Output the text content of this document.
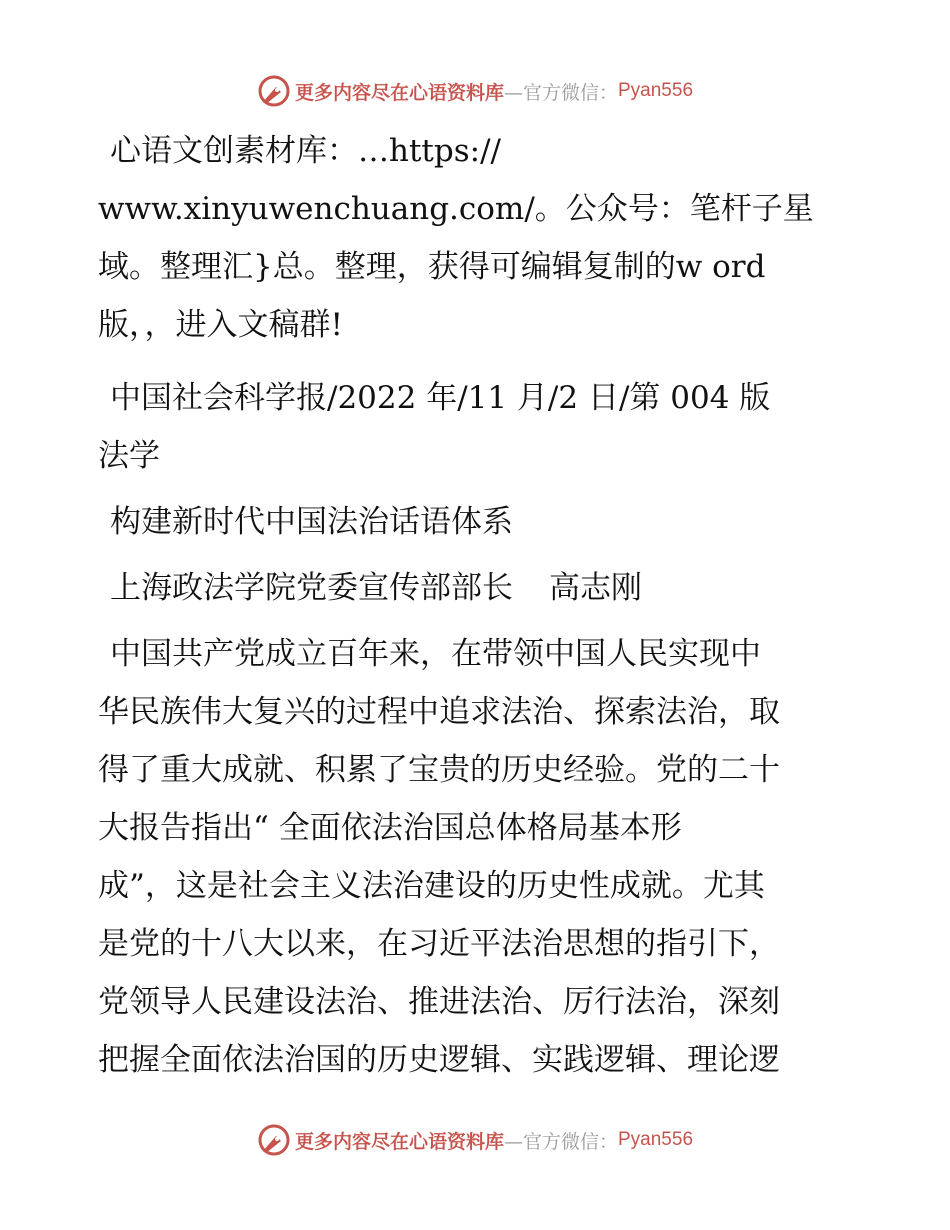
更多内容尽在心语资料库 —官方微信： Pyan556

心语文创素材库：…https://
www.xinyuwenchuang.com/。公众号：笔杆子星
域。整理汇}总。整理，获得可编辑复制的w ord
版，，进入文稿群!

中国社会科学报/2022 年/11 月/2 日/第 004 版
法学

构建新时代中国法治话语体系

上海政法学院党委宣传部部长 高志刚

中国共产党成立百年来，在带领中国人民实现中
华民族伟大复兴的过程中追求法治、探索法治，取
得了重大成就、积累了宝贵的历史经验。党的二十
大报告指出“ 全面依法治国总体格局基本形
成”，这是社会主义法治建设的历史性成就。尤其
是党的十八大以来，在习近平法治思想的指引下，
党领导人民建设法治、推进法治、厉行法治，深刻
把握全面依法治国的历史逻辑、实践逻辑、理论逻

更多内容尽在心语资料库 —官方微信： Pyan556
